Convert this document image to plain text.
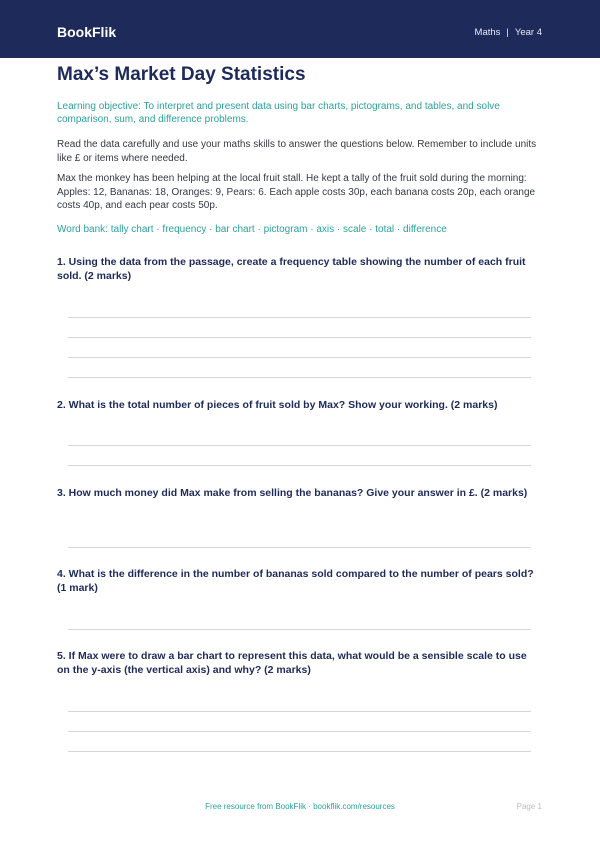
BookFlik	Maths | Year 4
Max’s Market Day Statistics
Learning objective: To interpret and present data using bar charts, pictograms, and tables, and solve comparison, sum, and difference problems.
Read the data carefully and use your maths skills to answer the questions below. Remember to include units like £ or items where needed.
Max the monkey has been helping at the local fruit stall. He kept a tally of the fruit sold during the morning: Apples: 12, Bananas: 18, Oranges: 9, Pears: 6. Each apple costs 30p, each banana costs 20p, each orange costs 40p, and each pear costs 50p.
Word bank: tally chart · frequency · bar chart · pictogram · axis · scale · total · difference
1. Using the data from the passage, create a frequency table showing the number of each fruit sold. (2 marks)
2. What is the total number of pieces of fruit sold by Max? Show your working. (2 marks)
3. How much money did Max make from selling the bananas? Give your answer in £. (2 marks)
4. What is the difference in the number of bananas sold compared to the number of pears sold? (1 mark)
5. If Max were to draw a bar chart to represent this data, what would be a sensible scale to use on the y-axis (the vertical axis) and why? (2 marks)
Free resource from BookFlik · bookflik.com/resources	Page 1
